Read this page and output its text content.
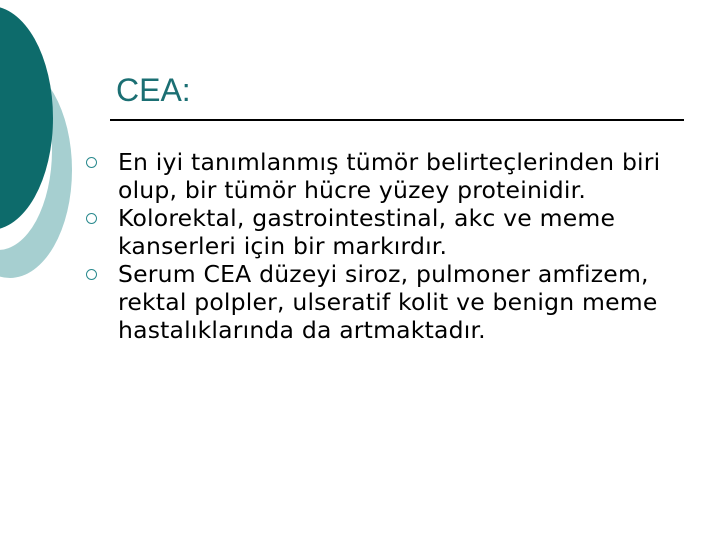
CEA:
En iyi tanımlanmış tümör belirteçlerinden biri olup, bir tümör hücre yüzey proteinidir.
Kolorektal, gastrointestinal, akc ve meme kanserleri için bir markırdır.
Serum CEA düzeyi siroz, pulmoner amfizem, rektal polpler, ulseratif kolit ve benign meme hastalıklarında da artmaktadır.
